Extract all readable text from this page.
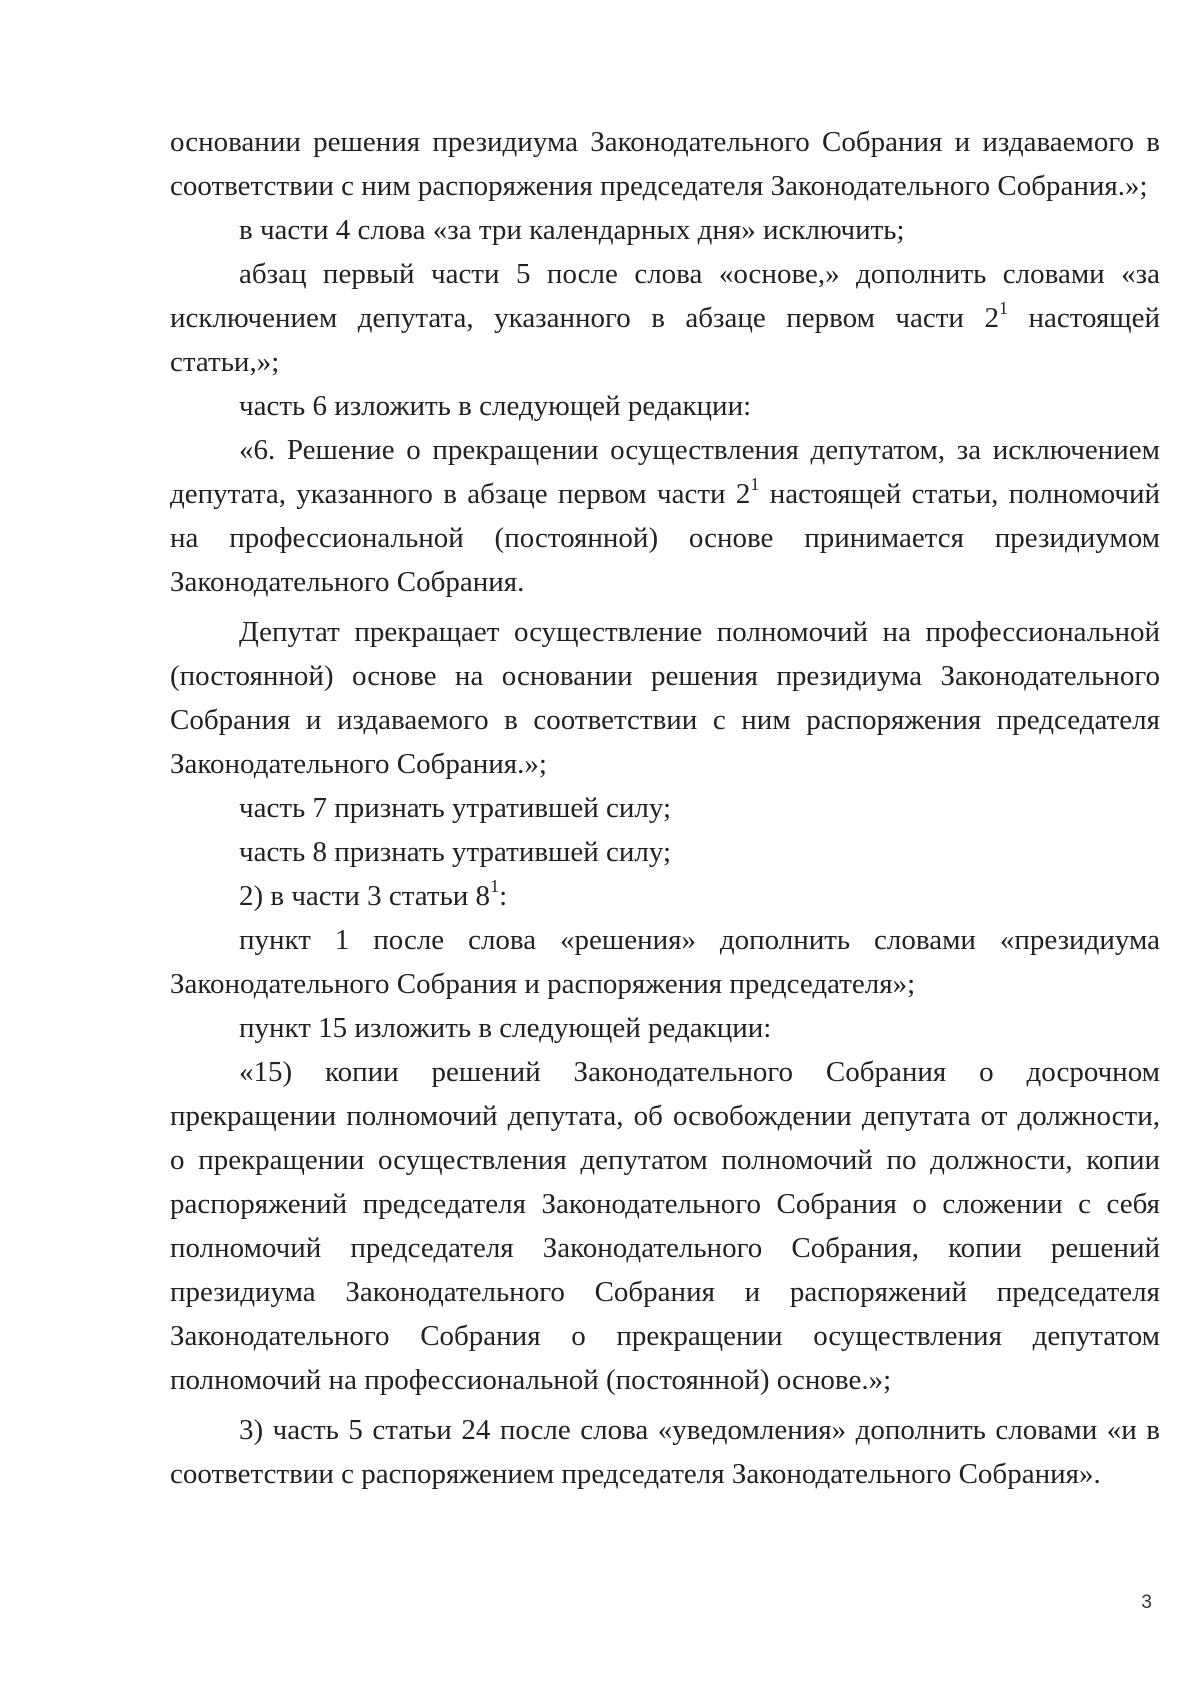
основании решения президиума Законодательного Собрания и издаваемого в соответствии с ним распоряжения председателя Законодательного Собрания.»;

в части 4 слова «за три календарных дня» исключить;

абзац первый части 5 после слова «основе,» дополнить словами «за исключением депутата, указанного в абзаце первом части $2^1$ настоящей статьи,»;

часть 6 изложить в следующей редакции:

«6. Решение о прекращении осуществления депутатом, за исключением депутата, указанного в абзаце первом части $2^1$ настоящей статьи, полномочий на профессиональной (постоянной) основе принимается президиумом Законодательного Собрания.

Депутат прекращает осуществление полномочий на профессиональной (постоянной) основе на основании решения президиума Законодательного Собрания и издаваемого в соответствии с ним распоряжения председателя Законодательного Собрания.»;

часть 7 признать утратившей силу;

часть 8 признать утратившей силу;

2) в части 3 статьи $8^1$:

пункт 1 после слова «решения» дополнить словами «президиума Законодательного Собрания и распоряжения председателя»;

пункт 15 изложить в следующей редакции:

«15) копии решений Законодательного Собрания о досрочном прекращении полномочий депутата, об освобождении депутата от должности, о прекращении осуществления депутатом полномочий по должности, копии распоряжений председателя Законодательного Собрания о сложении с себя полномочий председателя Законодательного Собрания, копии решений президиума Законодательного Собрания и распоряжений председателя Законодательного Собрания о прекращении осуществления депутатом полномочий на профессиональной (постоянной) основе.»;

3) часть 5 статьи 24 после слова «уведомления» дополнить словами «и в соответствии с распоряжением председателя Законодательного Собрания».

3
